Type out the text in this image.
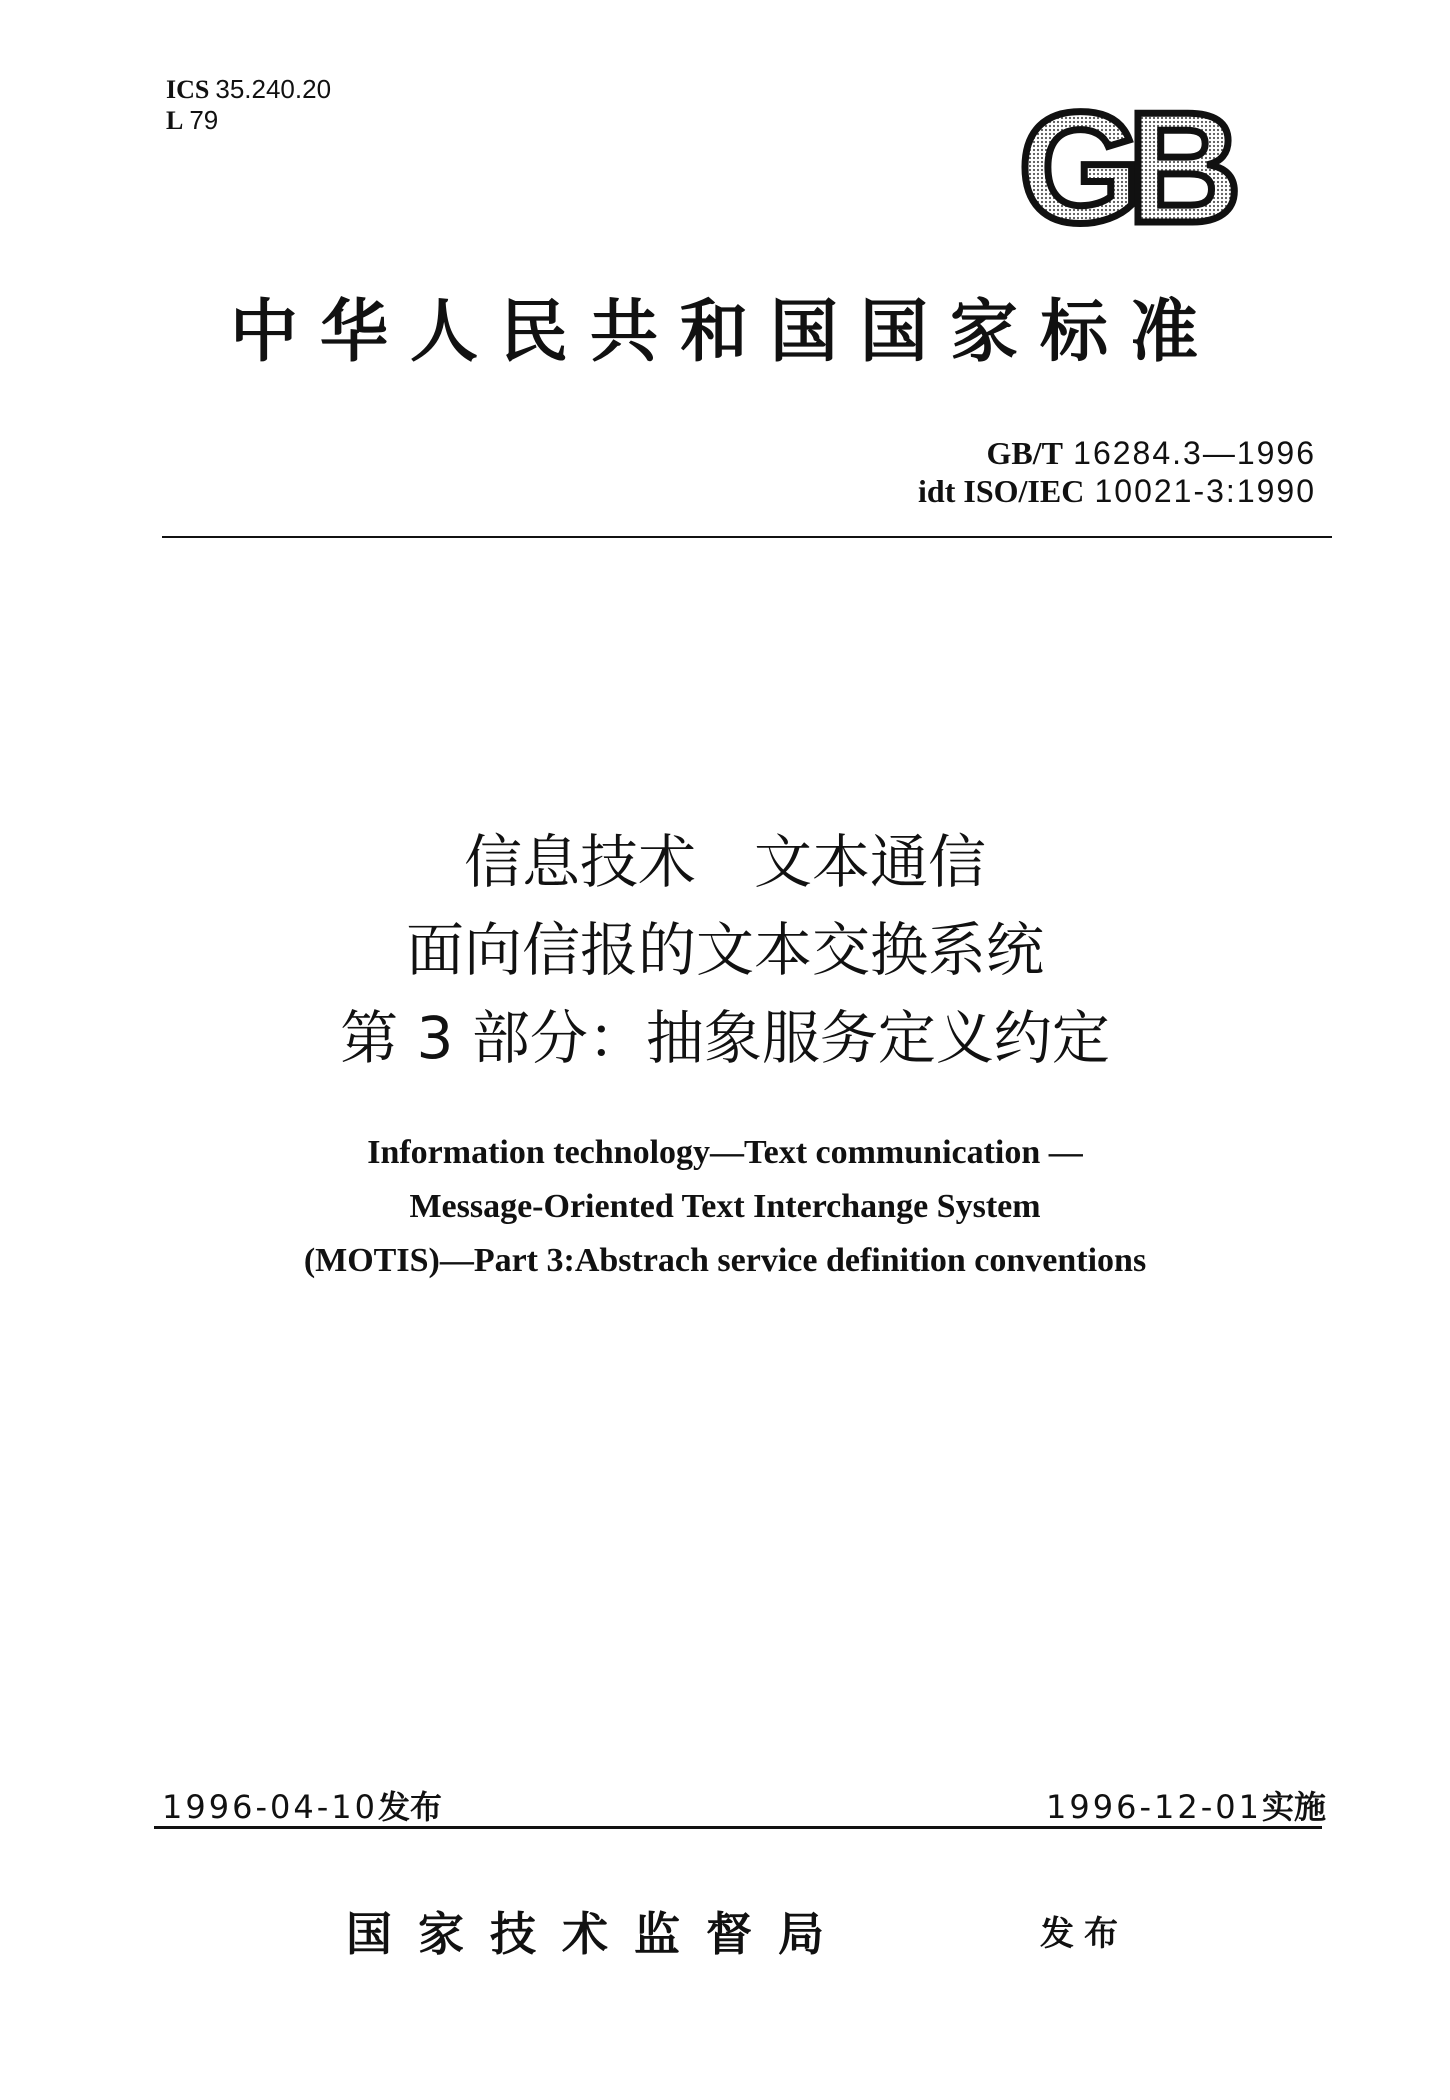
ICS 35.240.20
L 79	GB
中华人民共和国国家标准
GB/T 16284.3—1996
idt ISO/IEC 10021-3:1990
信息技术　文本通信
面向信报的文本交换系统
第 3 部分：抽象服务定义约定
Information technology—Text communication —
Message-Oriented Text Interchange System
(MOTIS)—Part 3:Abstrach service definition conventions
1996-04-10发布	1996-12-01实施
国家技术监督局	发布
